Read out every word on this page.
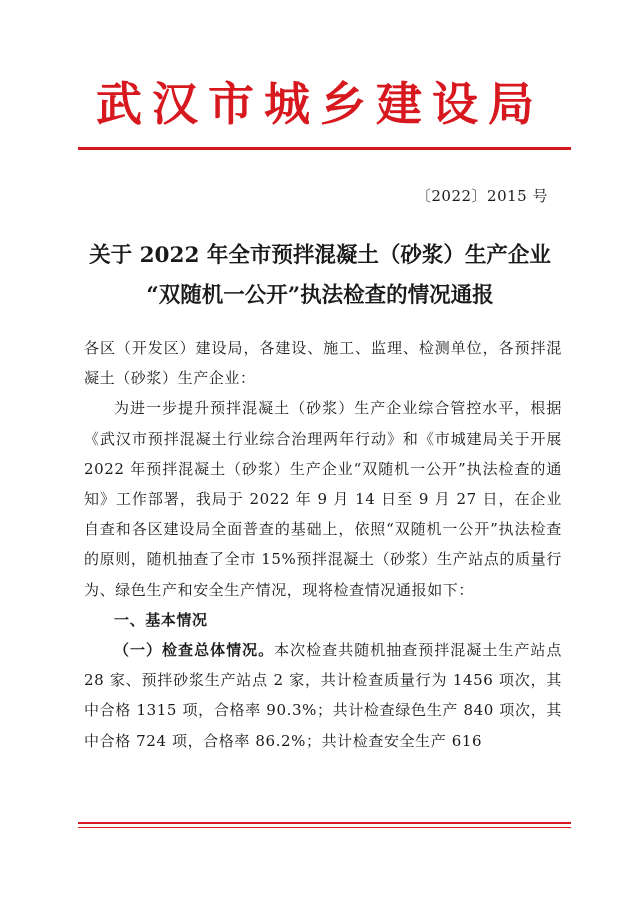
武汉市城乡建设局
〔2022〕2015 号
关于 2022 年全市预拌混凝土（砂浆）生产企业
“双随机一公开”执法检查的情况通报

各区（开发区）建设局，各建设、施工、监理、检测单位，各预拌混凝土（砂浆）生产企业：

为进一步提升预拌混凝土（砂浆）生产企业综合管控水平，根据《武汉市预拌混凝土行业综合治理两年行动》和《市城建局关于开展 2022 年预拌混凝土（砂浆）生产企业“双随机一公开”执法检查的通知》工作部署，我局于 2022 年 9 月 14 日至 9 月 27 日，在企业自查和各区建设局全面普查的基础上，依照“双随机一公开”执法检查的原则，随机抽查了全市 15%预拌混凝土（砂浆）生产站点的质量行为、绿色生产和安全生产情况，现将检查情况通报如下：

一、基本情况

（一）检查总体情况。本次检查共随机抽查预拌混凝土生产站点 28 家、预拌砂浆生产站点 2 家，共计检查质量行为 1456 项次，其中合格 1315 项，合格率 90.3%；共计检查绿色生产 840 项次，其中合格 724 项，合格率 86.2%；共计检查安全生产 616
